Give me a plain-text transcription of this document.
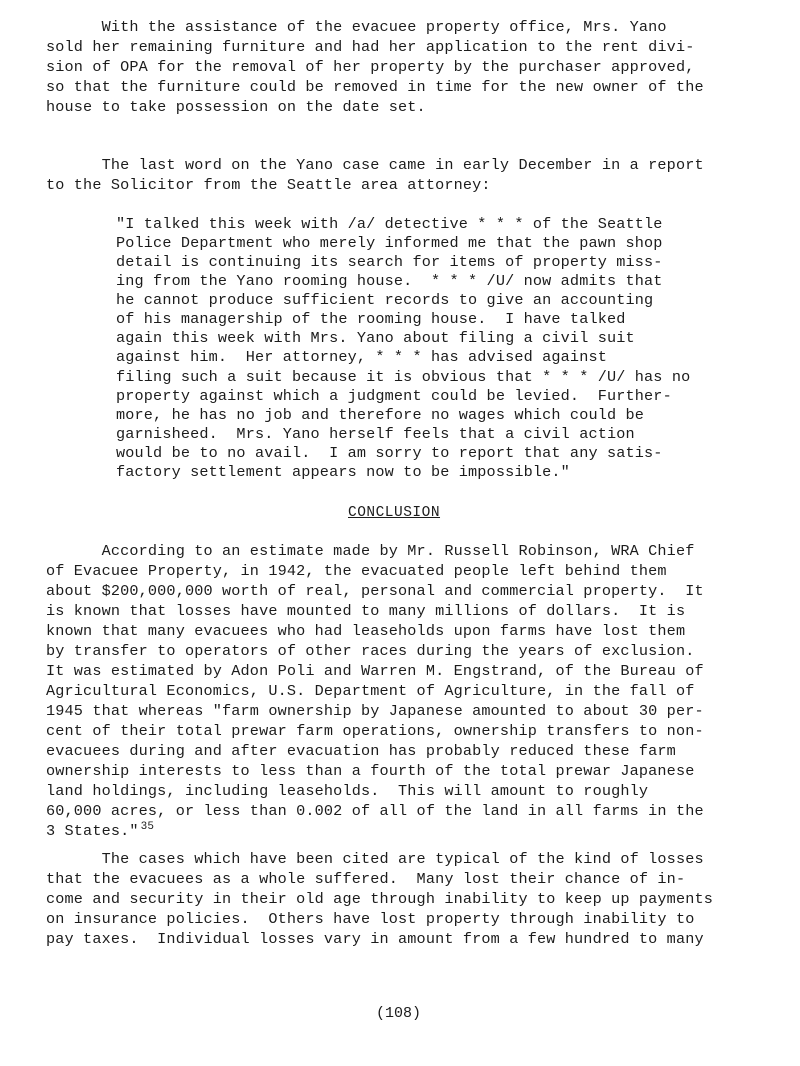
With the assistance of the evacuee property office, Mrs. Yano
sold her remaining furniture and had her application to the rent divi-
sion of OPA for the removal of her property by the purchaser approved,
so that the furniture could be removed in time for the new owner of the
house to take possession on the date set.
The last word on the Yano case came in early December in a report
to the Solicitor from the Seattle area attorney:
"I talked this week with /a/ detective * * * of the Seattle
Police Department who merely informed me that the pawn shop
detail is continuing its search for items of property miss-
ing from the Yano rooming house.  * * * /U/ now admits that
he cannot produce sufficient records to give an accounting
of his managership of the rooming house.  I have talked
again this week with Mrs. Yano about filing a civil suit
against him.  Her attorney, * * * has advised against
filing such a suit because it is obvious that * * * /U/ has no
property against which a judgment could be levied.  Further-
more, he has no job and therefore no wages which could be
garnisheed.  Mrs. Yano herself feels that a civil action
would be to no avail.  I am sorry to report that any satis-
factory settlement appears now to be impossible."
CONCLUSION
According to an estimate made by Mr. Russell Robinson, WRA Chief
of Evacuee Property, in 1942, the evacuated people left behind them
about $200,000,000 worth of real, personal and commercial property.  It
is known that losses have mounted to many millions of dollars.  It is
known that many evacuees who had leaseholds upon farms have lost them
by transfer to operators of other races during the years of exclusion.
It was estimated by Adon Poli and Warren M. Engstrand, of the Bureau of
Agricultural Economics, U.S. Department of Agriculture, in the fall of
1945 that whereas "farm ownership by Japanese amounted to about 30 per-
cent of their total prewar farm operations, ownership transfers to non-
evacuees during and after evacuation has probably reduced these farm
ownership interests to less than a fourth of the total prewar Japanese
land holdings, including leaseholds.  This will amount to roughly
60,000 acres, or less than 0.002 of all of the land in all farms in the
3 States." $^{35}$
The cases which have been cited are typical of the kind of losses
that the evacuees as a whole suffered.  Many lost their chance of in-
come and security in their old age through inability to keep up payments
on insurance policies.  Others have lost property through inability to
pay taxes.  Individual losses vary in amount from a few hundred to many
(108)
